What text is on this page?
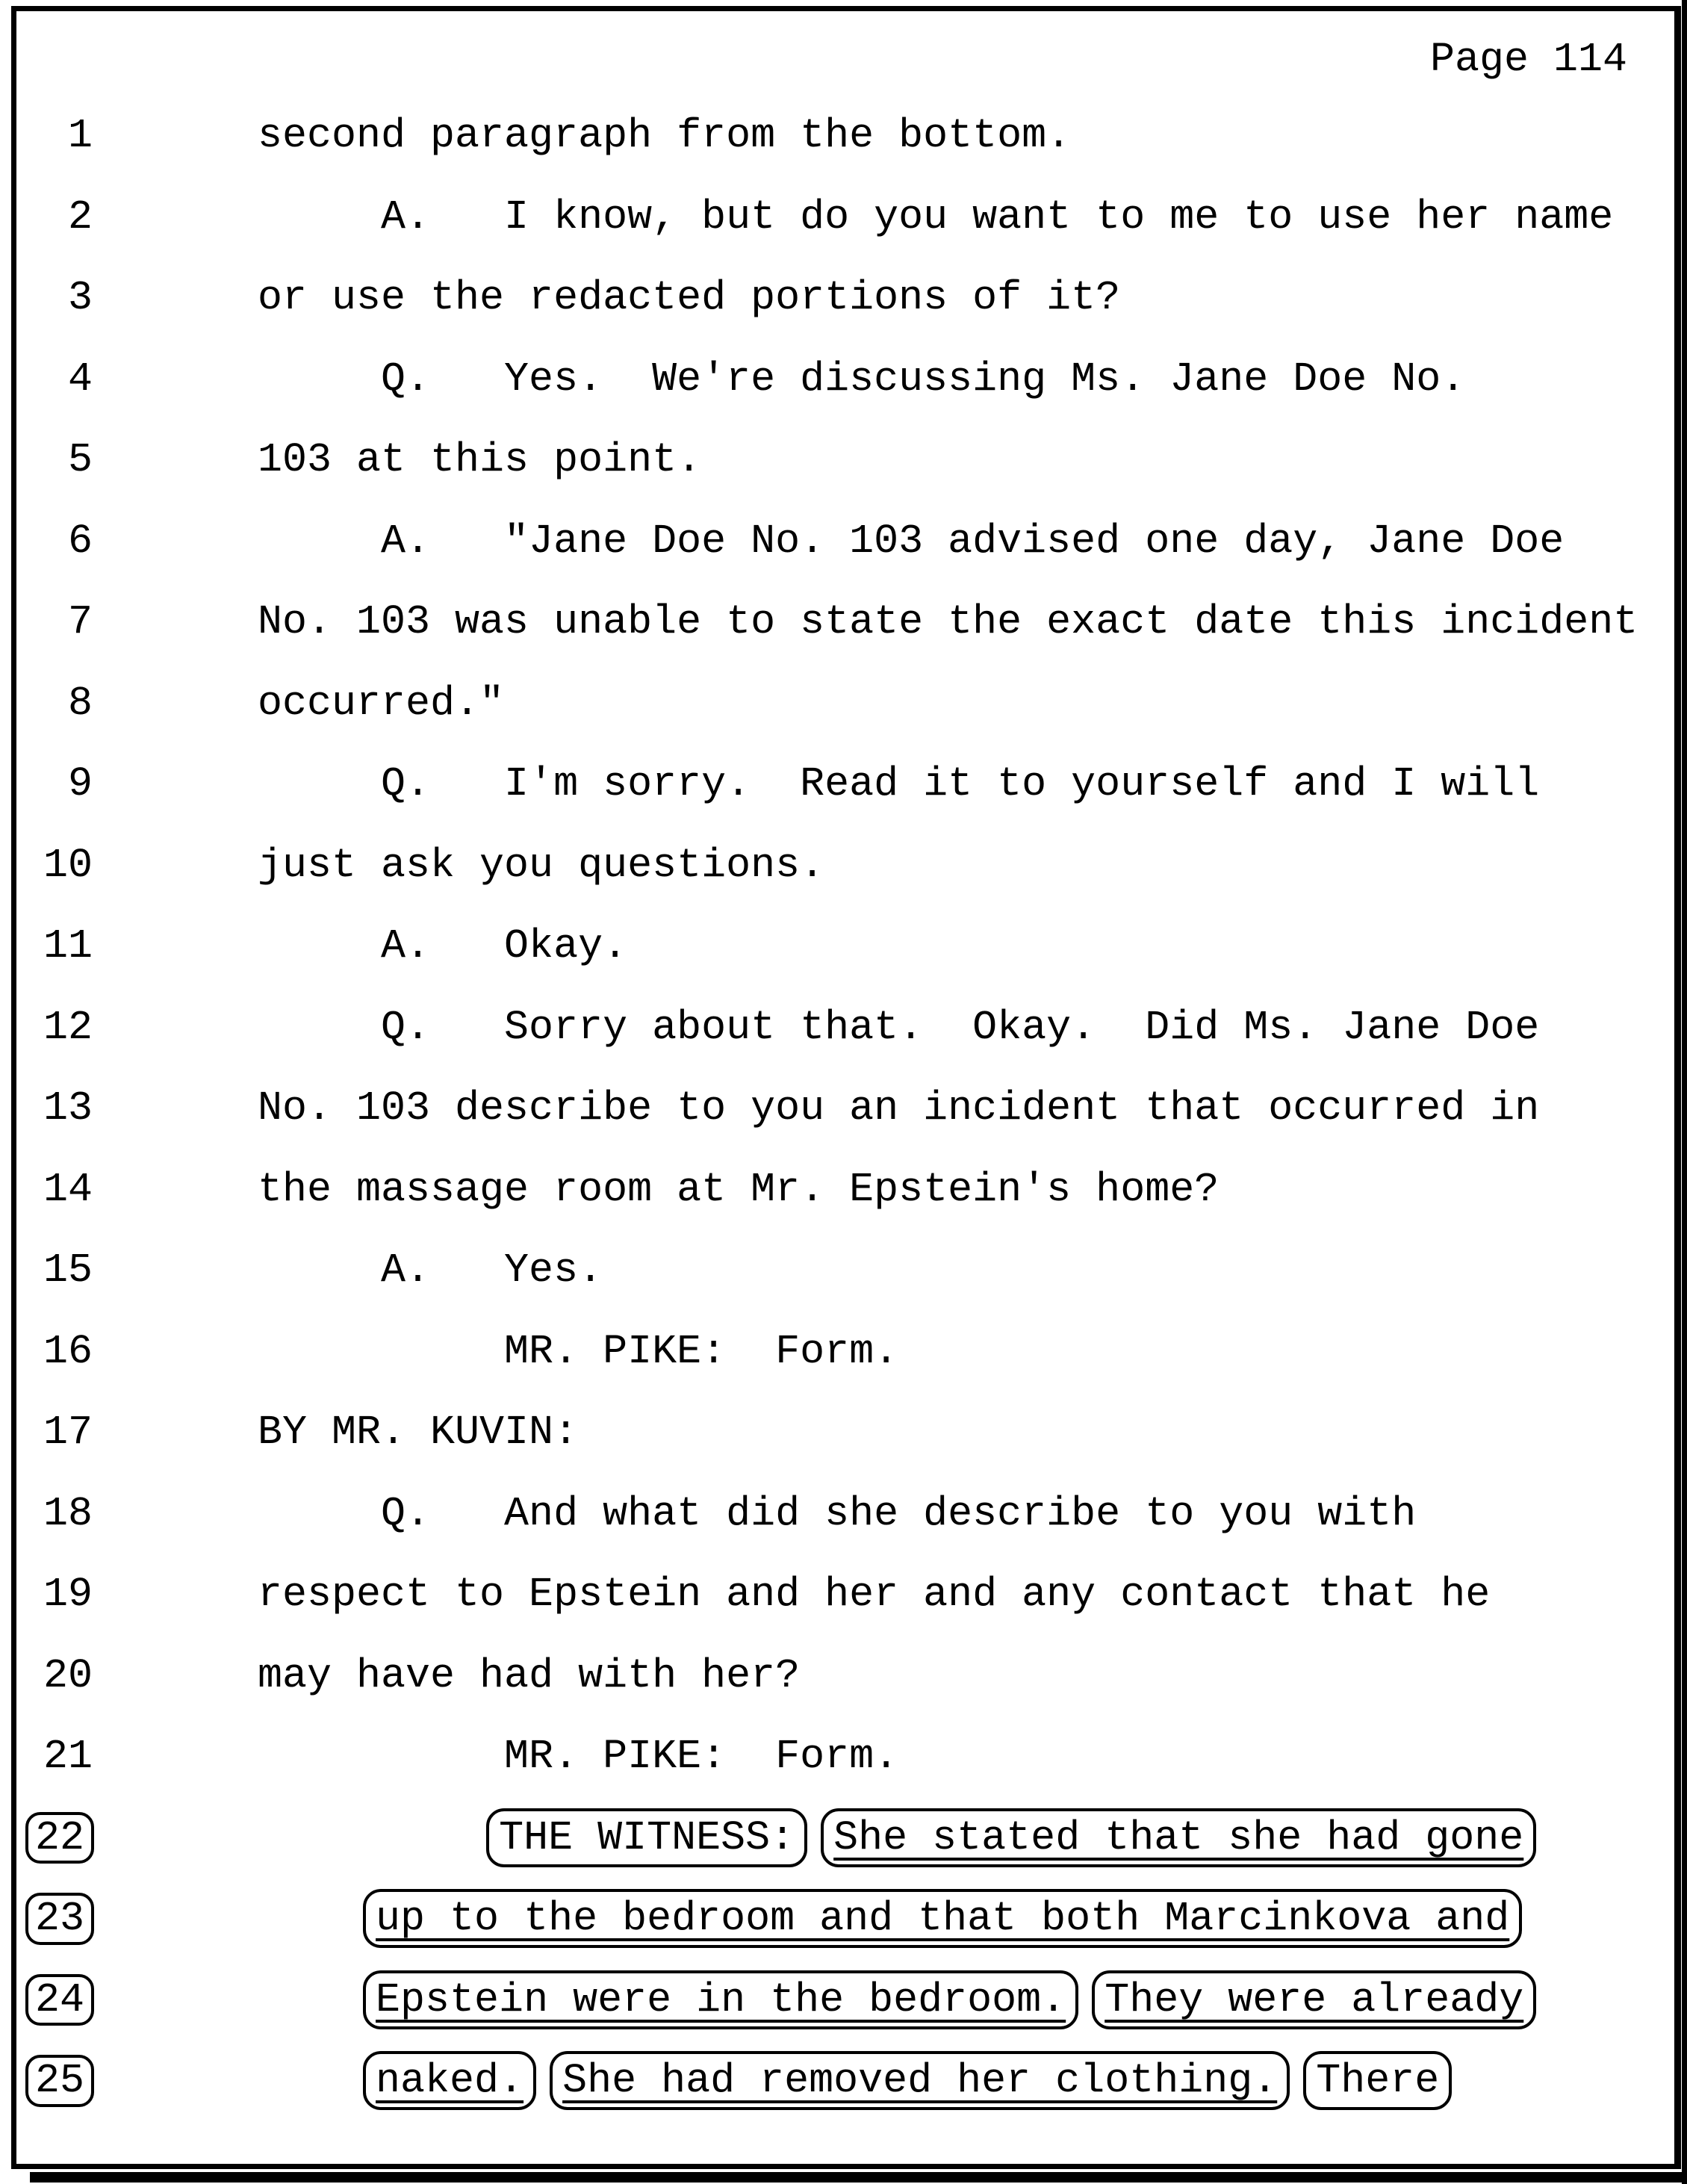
Page 114
1	second paragraph from the bottom.
2	A.   I know, but do you want to me to use her name
3	or use the redacted portions of it?
4	Q.   Yes.  We're discussing Ms. Jane Doe No.
5	103 at this point.
6	A.   "Jane Doe No. 103 advised one day, Jane Doe
7	No. 103 was unable to state the exact date this incident
8	occurred."
9	Q.   I'm sorry.  Read it to yourself and I will
10	just ask you questions.
11	A.   Okay.
12	Q.   Sorry about that.  Okay.  Did Ms. Jane Doe
13	No. 103 describe to you an incident that occurred in
14	the massage room at Mr. Epstein's home?
15	A.   Yes.
16	MR. PIKE:  Form.
17	BY MR. KUVIN:
18	Q.   And what did she describe to you with
19	respect to Epstein and her and any contact that he
20	may have had with her?
21	MR. PIKE:  Form.
22	THE WITNESS: She stated that she had gone
23	up to the bedroom and that both Marcinkova and
24	Epstein were in the bedroom. They were already
25	naked. She had removed her clothing. There
